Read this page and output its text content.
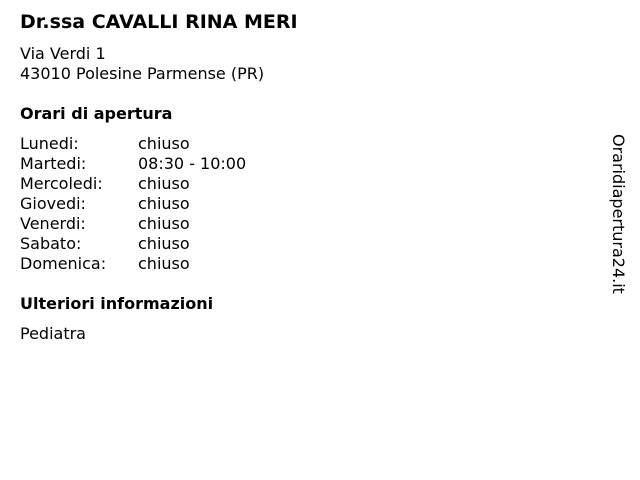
Dr.ssa CAVALLI RINA MERI
Via Verdi 1
43010 Polesine Parmense (PR)
Orari di apertura
Lunedi:	chiuso
Martedi:	08:30 - 10:00
Mercoledi:	chiuso
Giovedi:	chiuso
Venerdi:	chiuso
Sabato:	chiuso
Domenica:	chiuso
Ulteriori informazioni
Pediatra
Oraridiapertura24.it
